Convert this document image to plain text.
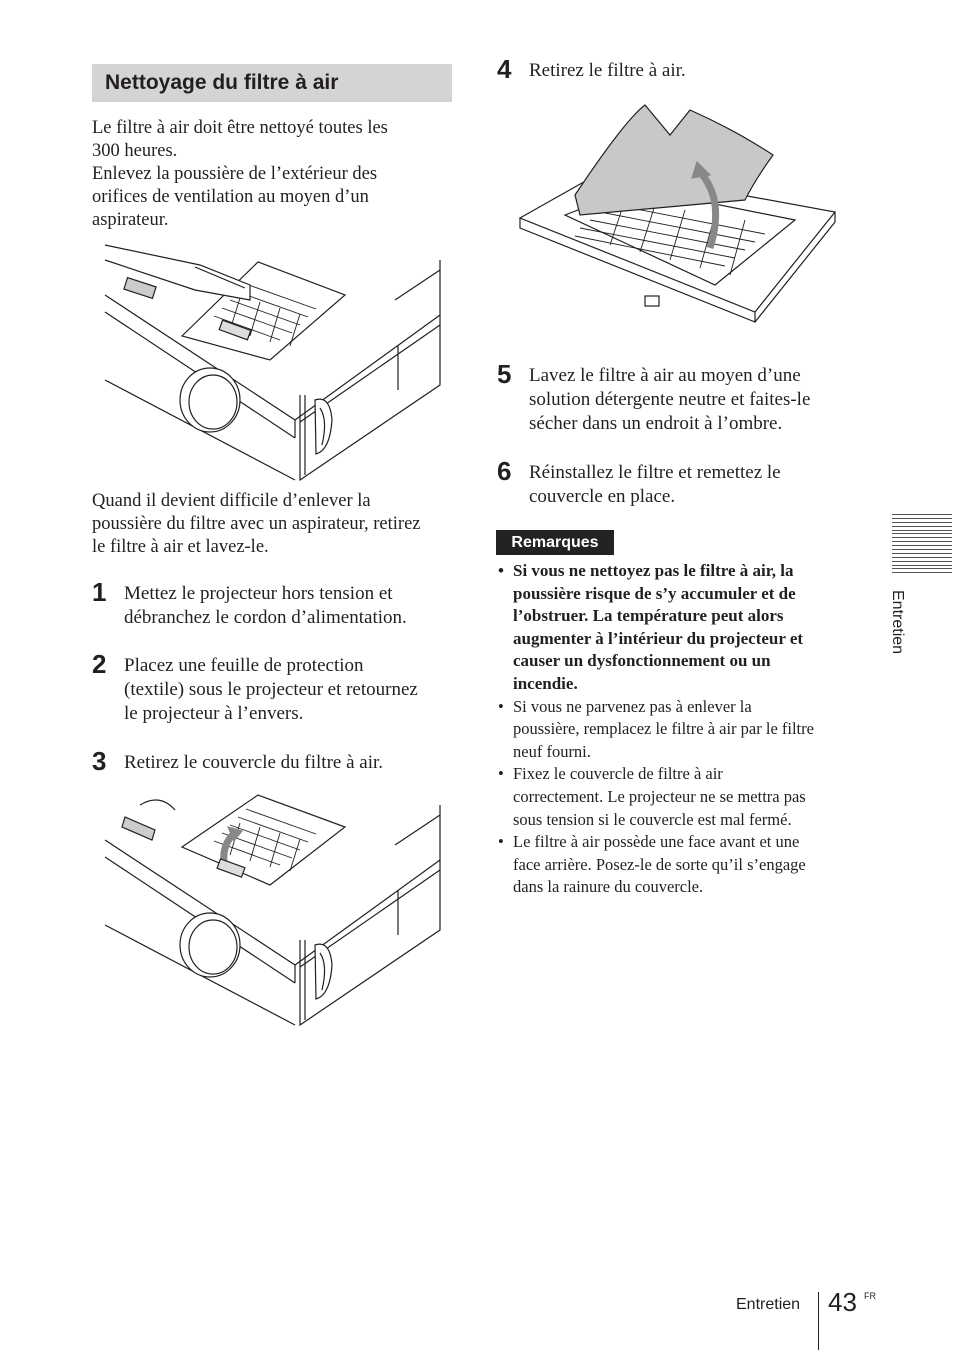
Nettoyage du filtre à air
Le filtre à air doit être nettoyé toutes les
300 heures.
Enlevez la poussière de l’extérieur des
orifices de ventilation au moyen d’un
aspirateur.
Quand il devient difficile d’enlever la
poussière du filtre avec un aspirateur, retirez
le filtre à air et lavez-le.
1 Mettez le projecteur hors tension et
débranchez le cordon d’alimentation.
2 Placez une feuille de protection
(textile) sous le projecteur et retournez
le projecteur à l’envers.
3 Retirez le couvercle du filtre à air.
4 Retirez le filtre à air.
5 Lavez le filtre à air au moyen d’une
solution détergente neutre et faites-le
sécher dans un endroit à l’ombre.
6 Réinstallez le filtre et remettez le
couvercle en place.
Remarques
• Si vous ne nettoyez pas le filtre à air, la
poussière risque de s’y accumuler et de
l’obstruer. La température peut alors
augmenter à l’intérieur du projecteur et
causer un dysfonctionnement ou un
incendie.
• Si vous ne parvenez pas à enlever la
poussière, remplacez le filtre à air par le filtre
neuf fourni.
• Fixez le couvercle de filtre à air
correctement. Le projecteur ne se mettra pas
sous tension si le couvercle est mal fermé.
• Le filtre à air possède une face avant et une
face arrière. Posez-le de sorte qu’il s’engage
dans la rainure du couvercle.
Entretien
Entretien 43 FR
